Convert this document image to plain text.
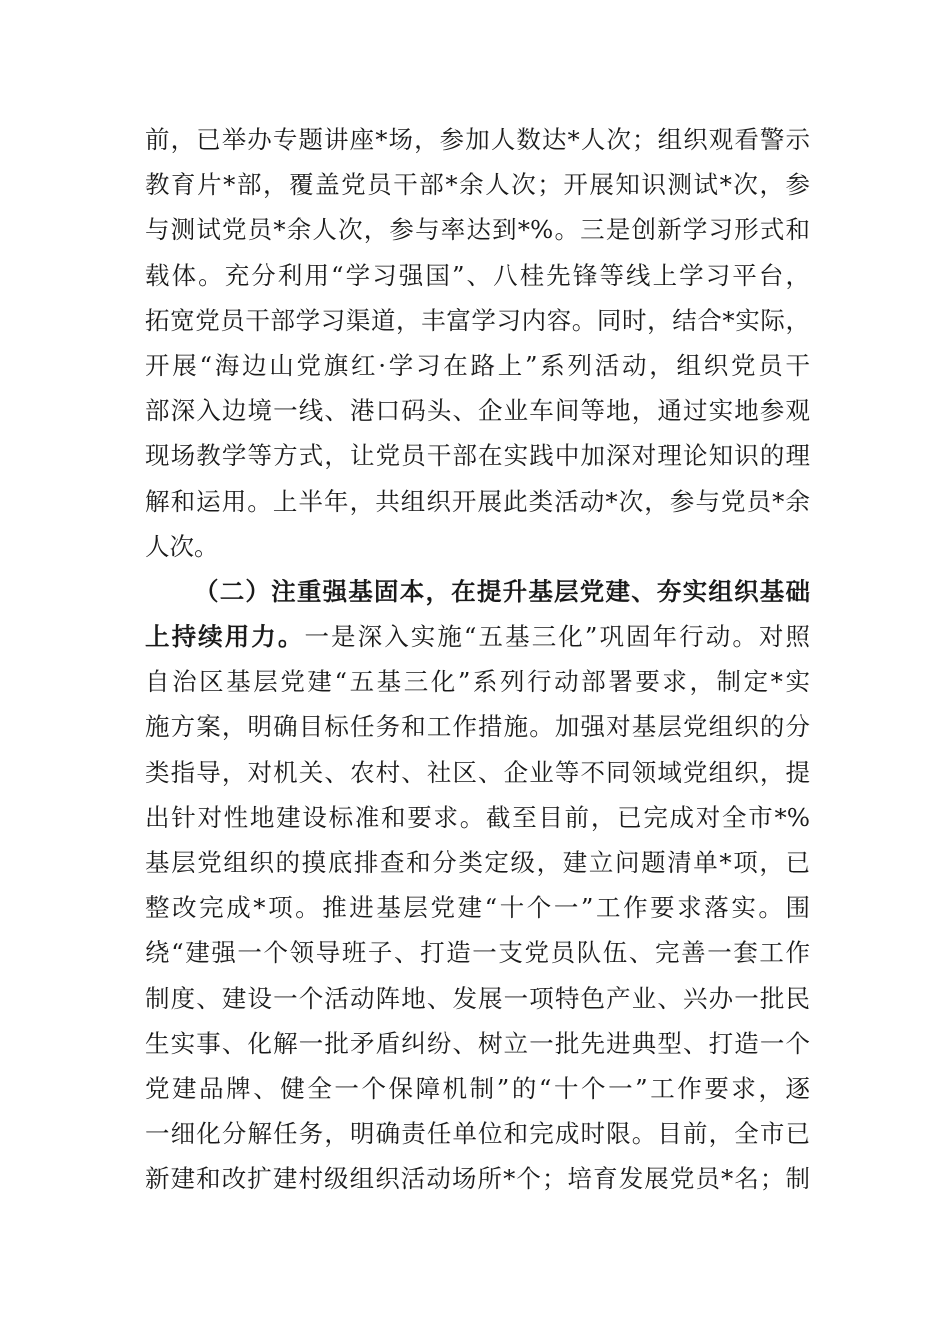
前，已举办专题讲座*场，参加人数达*人次；组织观看警示
教育片*部，覆盖党员干部*余人次；开展知识测试*次，参
与测试党员*余人次，参与率达到*%。三是创新学习形式和
载体。充分利用“学习强国”、八桂先锋等线上学习平台，
拓宽党员干部学习渠道，丰富学习内容。同时，结合*实际，
开展“海边山党旗红·学习在路上”系列活动，组织党员干
部深入边境一线、港口码头、企业车间等地，通过实地参观
现场教学等方式，让党员干部在实践中加深对理论知识的理
解和运用。上半年，共组织开展此类活动*次，参与党员*余
人次。
（二）注重强基固本，在提升基层党建、夯实组织基础
上持续用力。一是深入实施“五基三化”巩固年行动。对照
自治区基层党建“五基三化”系列行动部署要求，制定*实
施方案，明确目标任务和工作措施。加强对基层党组织的分
类指导，对机关、农村、社区、企业等不同领域党组织，提
出针对性地建设标准和要求。截至目前，已完成对全市*%
基层党组织的摸底排查和分类定级，建立问题清单*项，已
整改完成*项。推进基层党建“十个一”工作要求落实。围
绕“建强一个领导班子、打造一支党员队伍、完善一套工作
制度、建设一个活动阵地、发展一项特色产业、兴办一批民
生实事、化解一批矛盾纠纷、树立一批先进典型、打造一个
党建品牌、健全一个保障机制”的“十个一”工作要求，逐
一细化分解任务，明确责任单位和完成时限。目前，全市已
新建和改扩建村级组织活动场所*个；培育发展党员*名；制
